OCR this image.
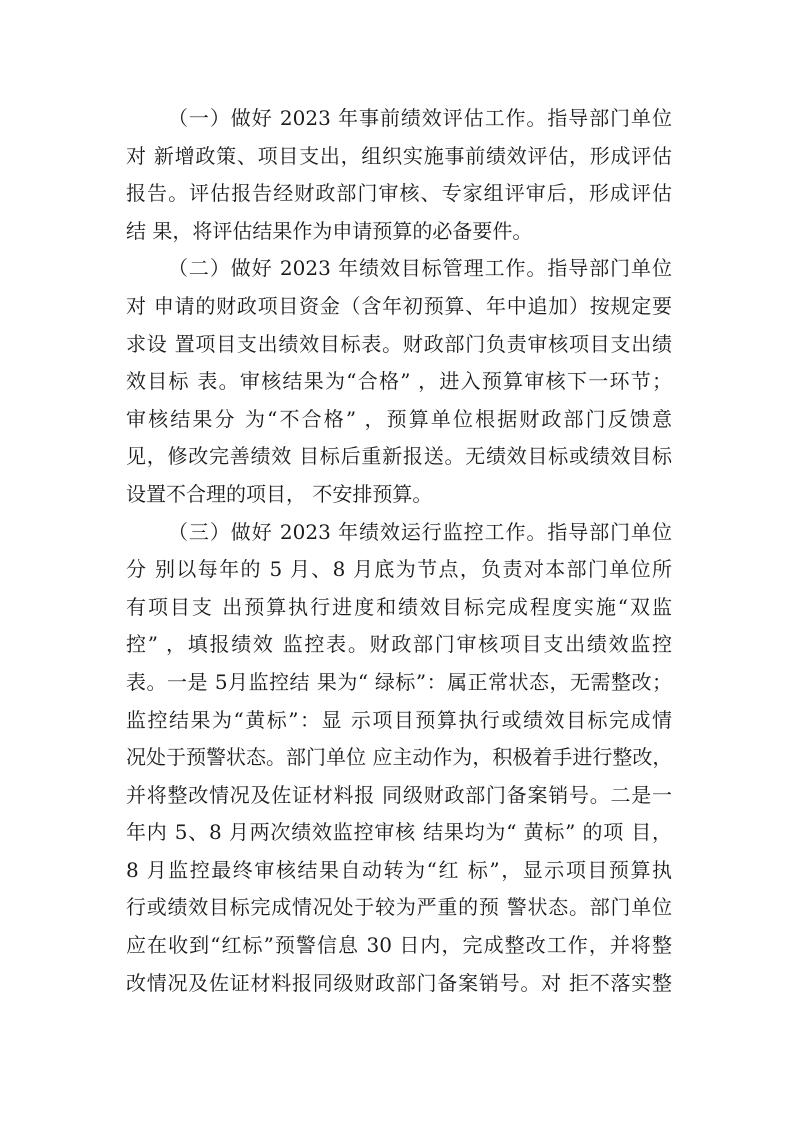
（一）做好 2023 年事前绩效评估工作。指导部门单位
对 新增政策、项目支出，组织实施事前绩效评估，形成评估
报告。评估报告经财政部门审核、专家组评审后，形成评估
结 果，将评估结果作为申请预算的必备要件。
（二）做好 2023 年绩效目标管理工作。指导部门单位
对 申请的财政项目资金（含年初预算、年中追加）按规定要
求设 置项目支出绩效目标表。财政部门负责审核项目支出绩
效目标 表。审核结果为“合格” ，进入预算审核下一环节；
审核结果分 为“不合格” ，预算单位根据财政部门反馈意
见，修改完善绩效 目标后重新报送。无绩效目标或绩效目标
设置不合理的项目， 不安排预算。
（三）做好 2023 年绩效运行监控工作。指导部门单位
分 别以每年的 5 月、8 月底为节点，负责对本部门单位所
有项目支 出预算执行进度和绩效目标完成程度实施“双监
控” ，填报绩效 监控表。财政部门审核项目支出绩效监控
表。一是 5月监控结 果为“ 绿标”：属正常状态，无需整改；
监控结果为“黄标”：显 示项目预算执行或绩效目标完成情
况处于预警状态。部门单位 应主动作为，积极着手进行整改，
并将整改情况及佐证材料报 同级财政部门备案销号。二是一
年内 5、8 月两次绩效监控审核 结果均为“ 黄标” 的项 目，
8 月监控最终审核结果自动转为“红 标”，显示项目预算执
行或绩效目标完成情况处于较为严重的预 警状态。部门单位
应在收到“红标”预警信息 30 日内，完成整改工作，并将整
改情况及佐证材料报同级财政部门备案销号。对 拒不落实整
